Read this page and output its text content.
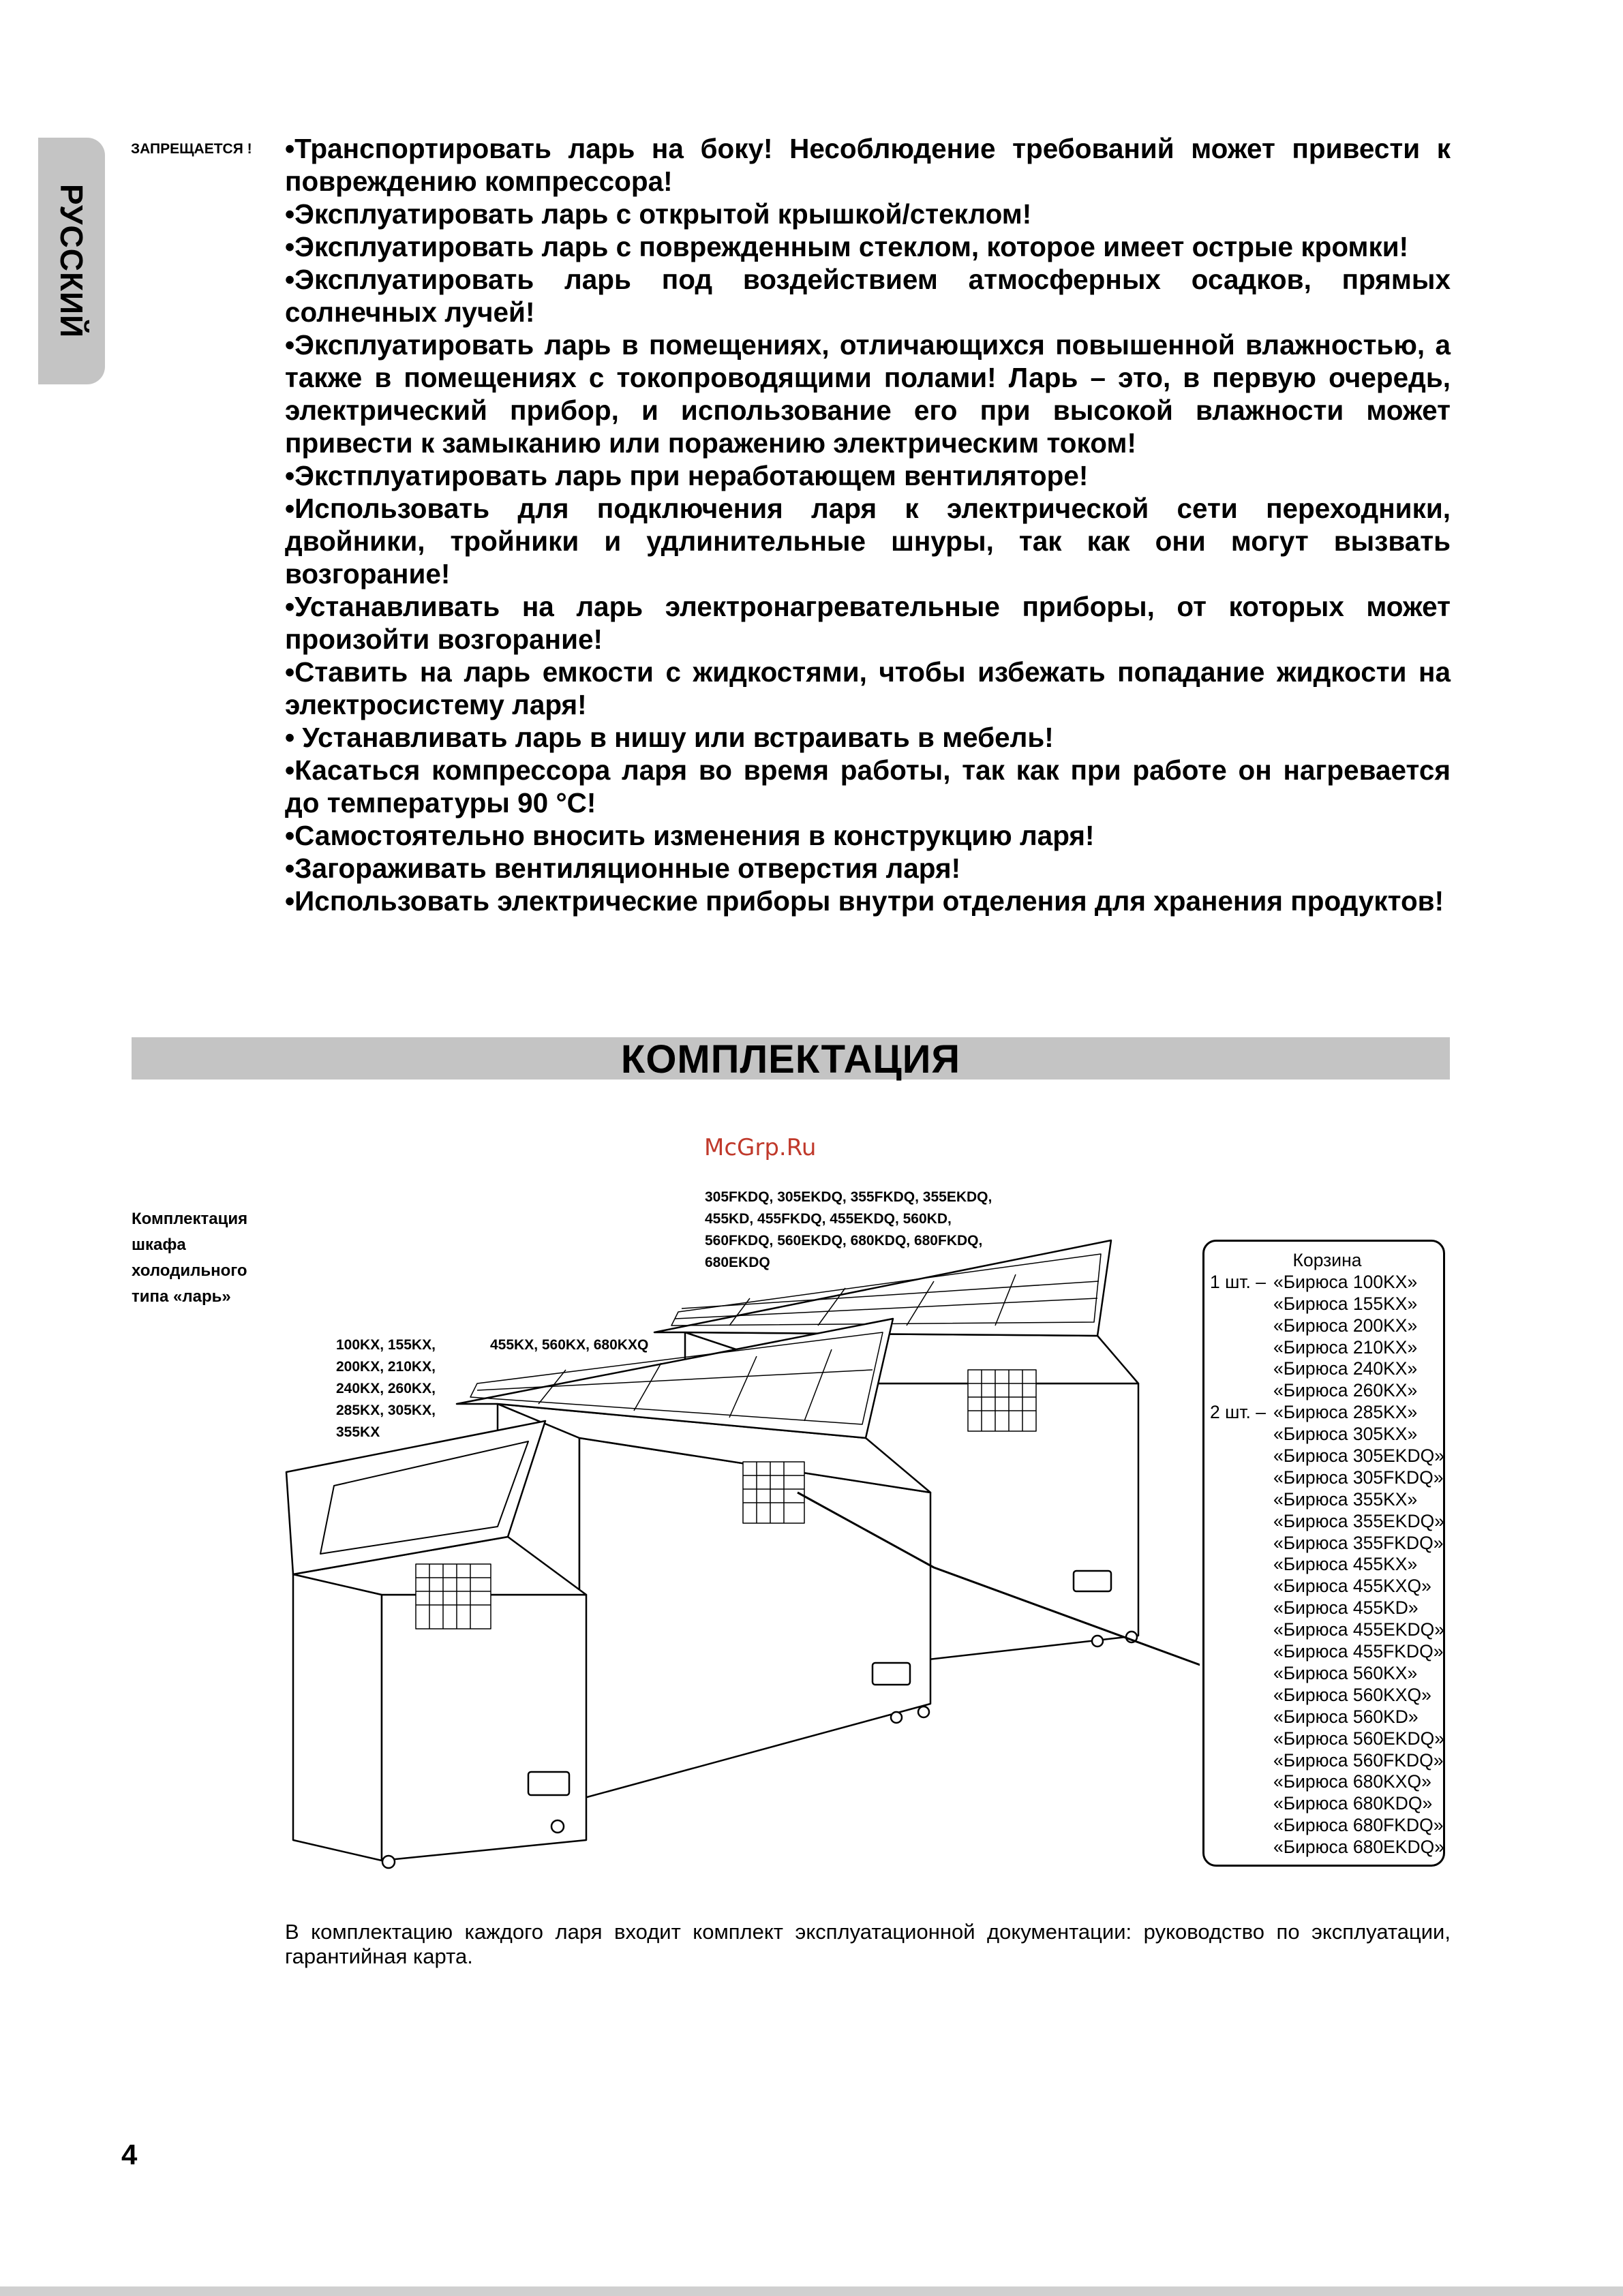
РУССКИЙ
ЗАПРЕЩАЕТСЯ ! •Транспортировать ларь на боку! Несоблюдение требований может привести к повреждению компрессора!

•Эксплуатировать ларь с открытой крышкой/стеклом!

•Эксплуатировать ларь с поврежденным стеклом, которое имеет острые кромки!

•Эксплуатировать ларь под воздействием атмосферных осадков, прямых солнечных лучей!

•Эксплуатировать ларь в помещениях, отличающихся повышенной влажностью, а также в помещениях с токопроводящими полами! Ларь – это, в первую очередь, электрический прибор, и использование его при высокой влажности может привести к замыканию или поражению электрическим током!

•Экстплуатировать ларь при неработающем вентиляторе!

•Использовать для подключения ларя к электрической сети переходники, двойники, тройники и удлинительные шнуры, так как они могут вызвать возгорание!

•Устанавливать на ларь электронагревательные приборы, от которых может произойти возгорание!

•Ставить на ларь емкости с жидкостями, чтобы избежать попадание жидкости на электросистему ларя!

• Устанавливать ларь в нишу или встраивать в мебель!

•Касаться компрессора ларя во время работы, так как при работе он нагревается до температуры 90 °С!

•Самостоятельно вносить изменения в конструкцию ларя!

•Загораживать вентиляционные отверстия ларя!

•Использовать электрические приборы внутри отделения для хранения продуктов!

КОМПЛЕКТАЦИЯ
McGrp.Ru
Комплектация
шкафа
холодильного
типа «ларь»
305FKDQ, 305EKDQ, 355FKDQ, 355EKDQ,
455KD, 455FKDQ, 455EKDQ, 560KD,
560FKDQ, 560EKDQ, 680KDQ, 680FKDQ,
680EKDQ
455KX, 560KX, 680KXQ
100KX, 155KX,
200KX, 210KX,
240KX, 260KX,
285KX, 305KX,
355KX
Корзина
1 шт. – «Бирюса 100KX»
«Бирюса 155KX»
«Бирюса 200KX»
«Бирюса 210KX»
«Бирюса 240KX»
«Бирюса 260KX»
2 шт. – «Бирюса 285KX»
«Бирюса 305KX»
«Бирюса 305EKDQ»
«Бирюса 305FKDQ»
«Бирюса 355KX»
«Бирюса 355EKDQ»
«Бирюса 355FKDQ»
«Бирюса 455KX»
«Бирюса 455KXQ»
«Бирюса 455KD»
«Бирюса 455EKDQ»
«Бирюса 455FKDQ»
«Бирюса 560KX»
«Бирюса 560KXQ»
«Бирюса 560KD»
«Бирюса 560EKDQ»
«Бирюса 560FKDQ»
«Бирюса 680KXQ»
«Бирюса 680KDQ»
«Бирюса 680FKDQ»
«Бирюса 680EKDQ»
В комплектацию каждого ларя входит комплект эксплуатационной документации: руководство по эксплуатации, гарантийная карта.
4
